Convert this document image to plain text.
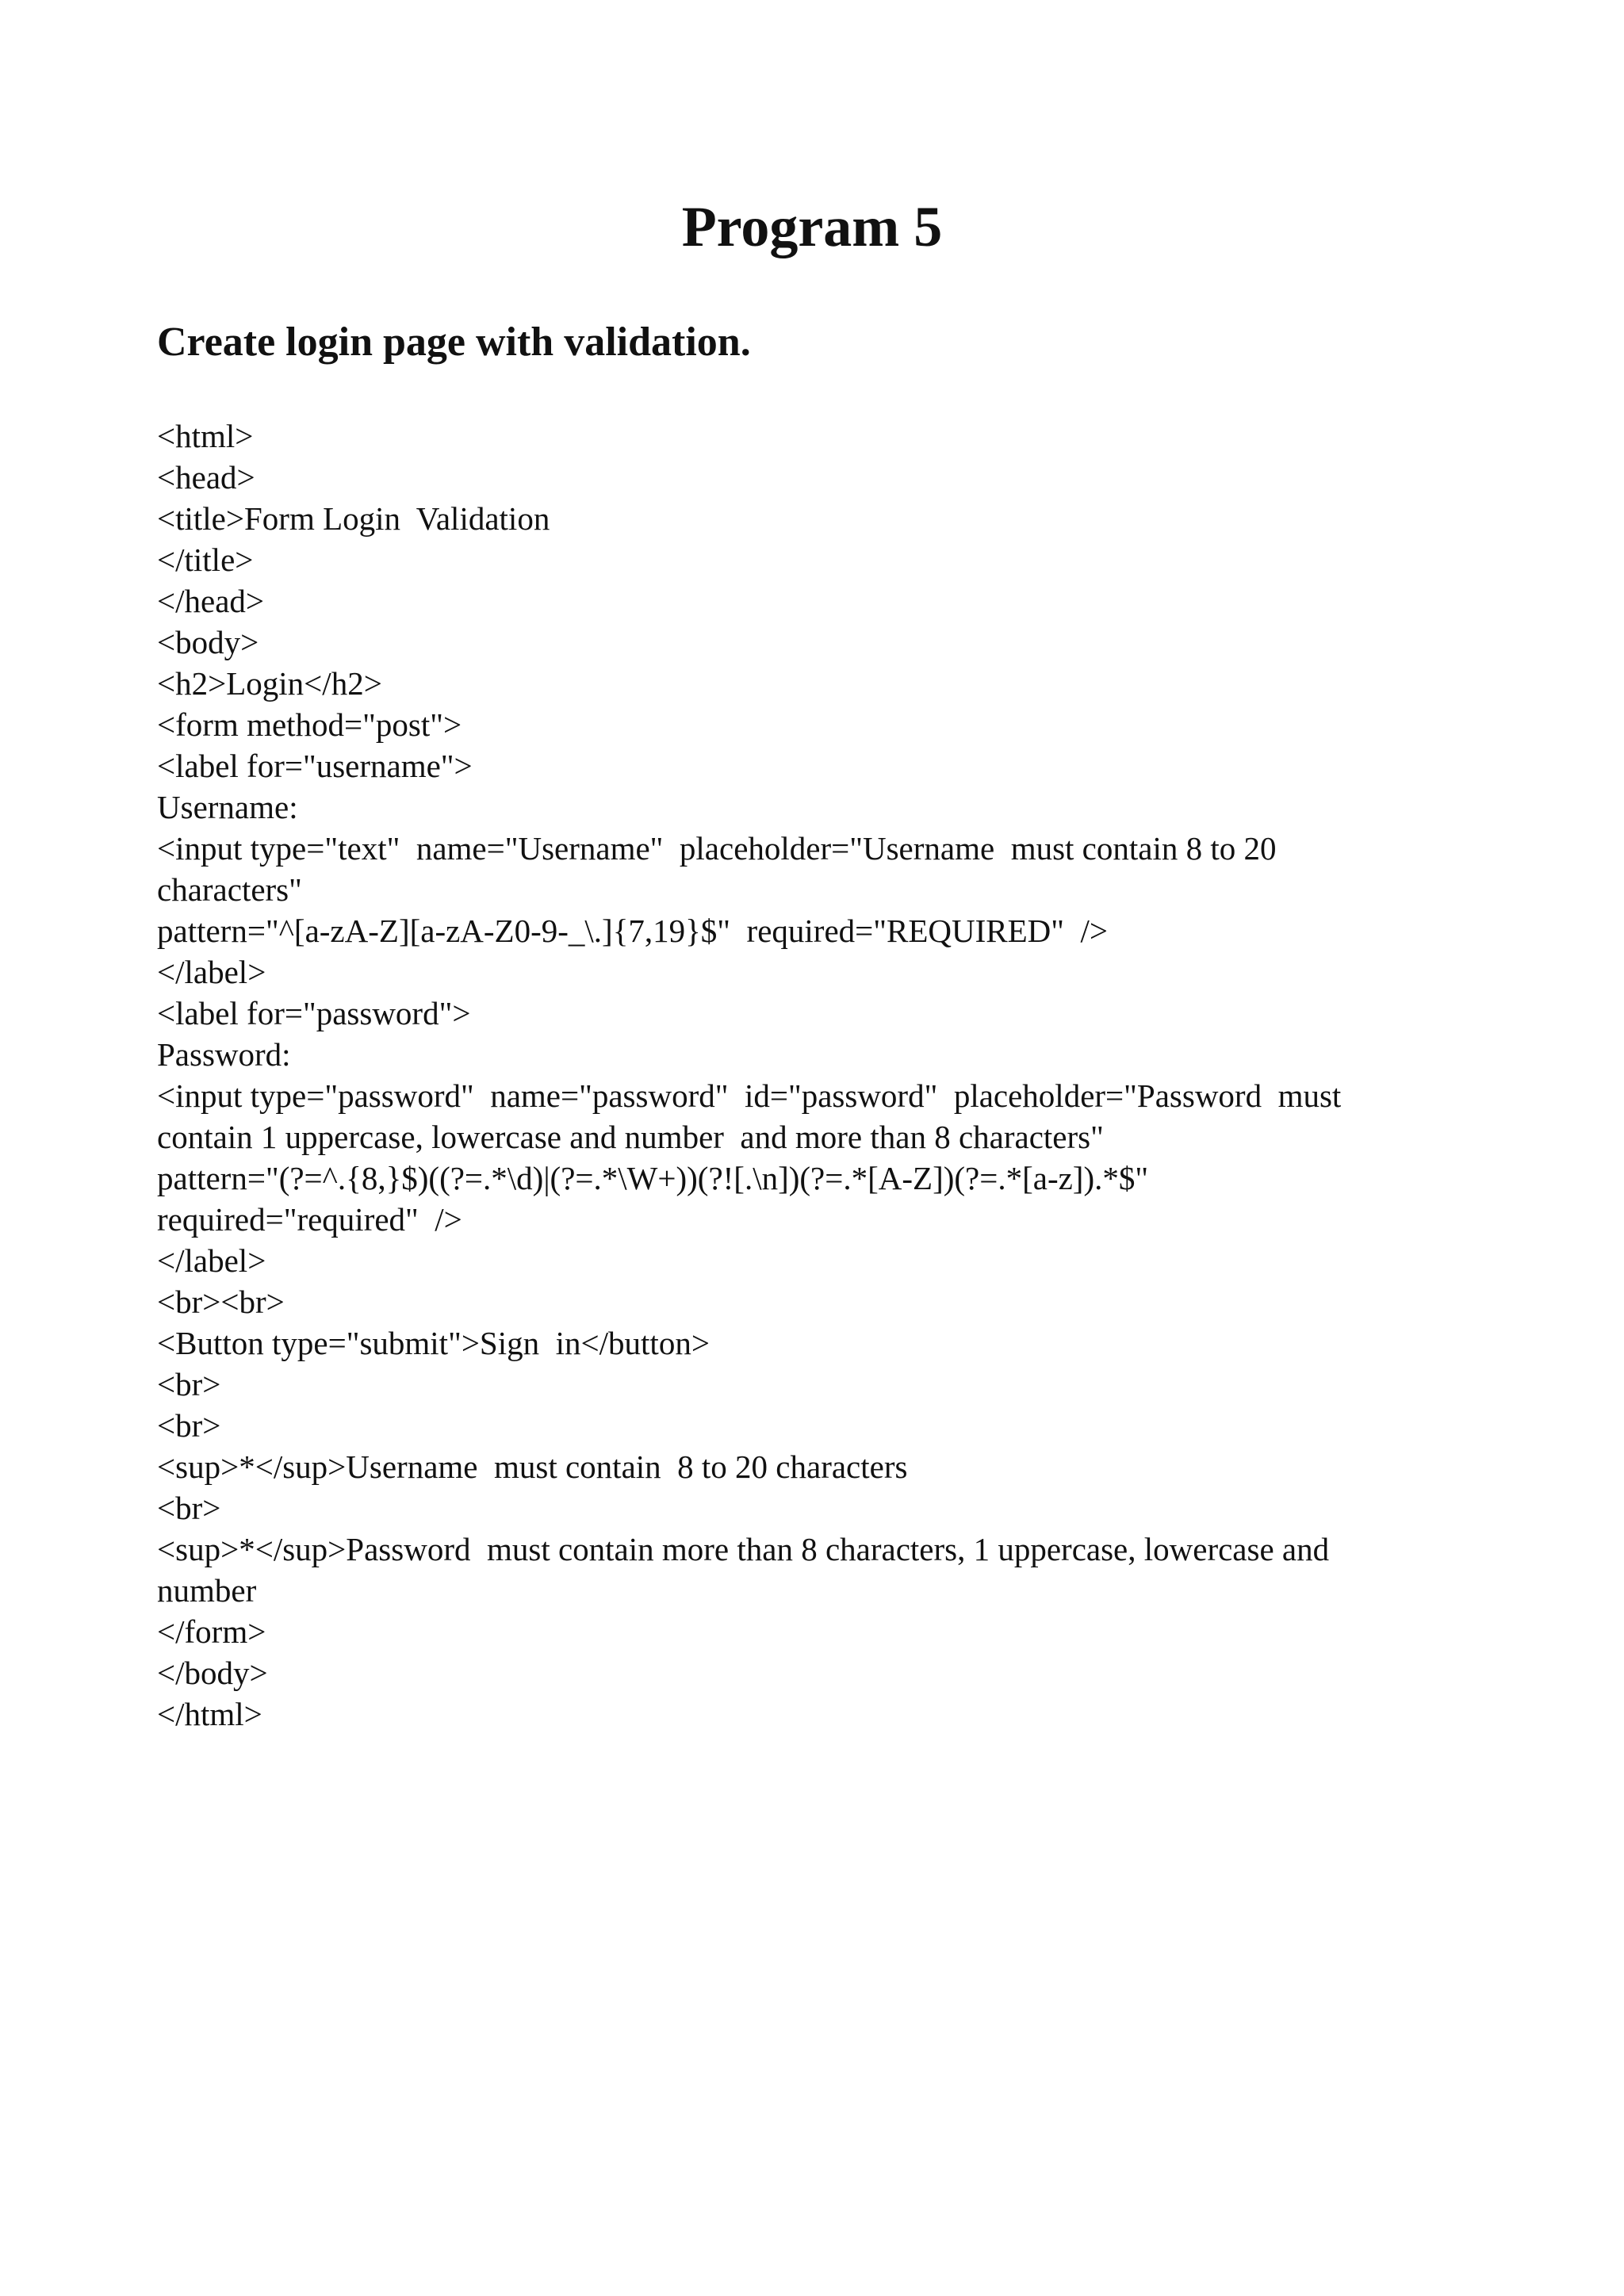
Program 5
Create login page with validation.
<html>
<head>
<title>Form Login  Validation
</title>
</head>
<body>
<h2>Login</h2>
<form method="post">
<label for="username">
Username:
<input type="text"  name="Username"  placeholder="Username  must contain 8 to 20
characters"
pattern="^[a-zA-Z][a-zA-Z0-9-_\.]{7,19}$"  required="REQUIRED"  />
</label>
<label for="password">
Password:
<input type="password"  name="password"  id="password"  placeholder="Password  must
contain 1 uppercase, lowercase and number  and more than 8 characters"
pattern="(?=^.{8,}$)((?=.*\d)|(?=.*\W+))(?![.\n])(?=.*[A-Z])(?=.*[a-z]).*$"
required="required"  />
</label>
<br><br>
<Button type="submit">Sign  in</button>
<br>
<br>
<sup>*</sup>Username  must contain  8 to 20 characters
<br>
<sup>*</sup>Password  must contain more than 8 characters, 1 uppercase, lowercase and
number
</form>
</body>
</html>
